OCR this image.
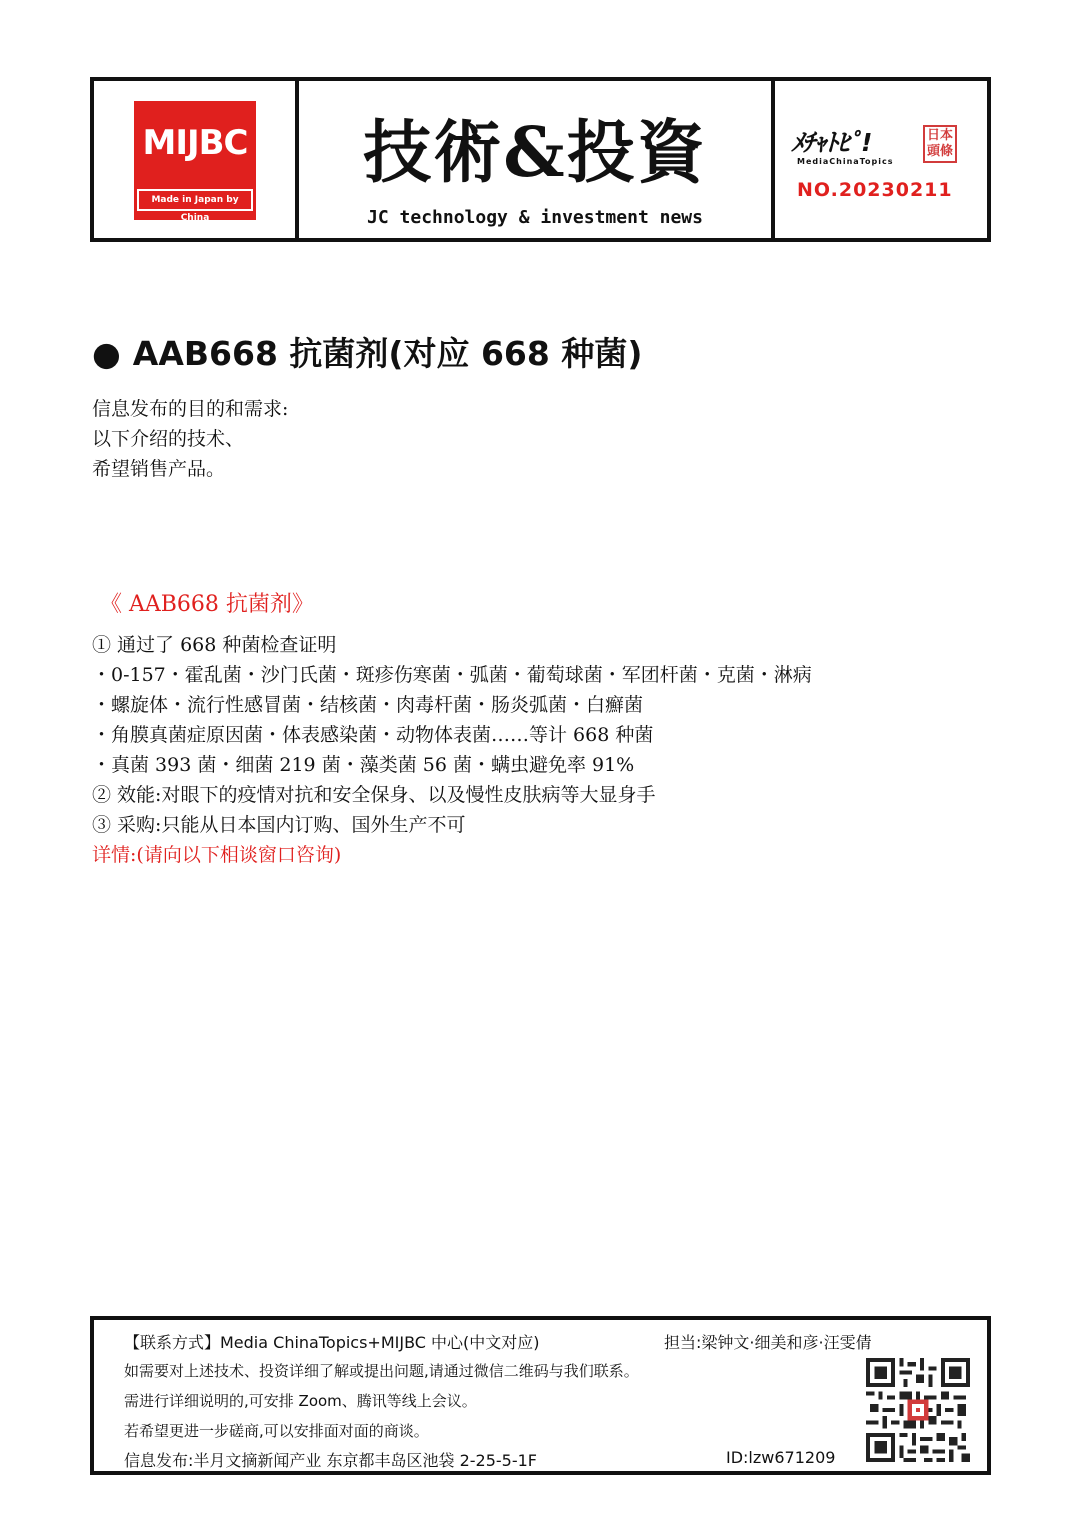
MIJBC
Made in Japan by China
技術&投資
JC technology & investment news
ﾒﾁｬﾄﾋﾟ!
MediaChinaTopics
日本頭條
NO.20230211
● AAB668 抗菌剂(对应 668 种菌)
信息发布的目的和需求:
以下介绍的技术、
希望销售产品。
《 AAB668 抗菌剂》
① 通过了 668 种菌检查证明
・0-157・霍乱菌・沙门氏菌・斑疹伤寒菌・弧菌・葡萄球菌・军团杆菌・克菌・淋病
・螺旋体・流行性感冒菌・结核菌・肉毒杆菌・肠炎弧菌・白癬菌
・角膜真菌症原因菌・体表感染菌・动物体表菌……等计 668 种菌
・真菌 393 菌・细菌 219 菌・藻类菌 56 菌・螨虫避免率 91%
② 效能:对眼下的疫情对抗和安全保身、以及慢性皮肤病等大显身手
③ 采购:只能从日本国内订购、国外生产不可
详情:(请向以下相谈窗口咨询)
【联系方式】Media ChinaTopics+MIJBC 中心(中文对应)	担当:梁钟文·细美和彦·汪雯倩
如需要对上述技术、投资详细了解或提出问题,请通过微信二维码与我们联系。
需进行详细说明的,可安排 Zoom、腾讯等线上会议。
若希望更进一步磋商,可以安排面对面的商谈。
信息发布:半月文摘新闻产业 东京都丰岛区池袋 2-25-5-1F	ID:lzw671209
